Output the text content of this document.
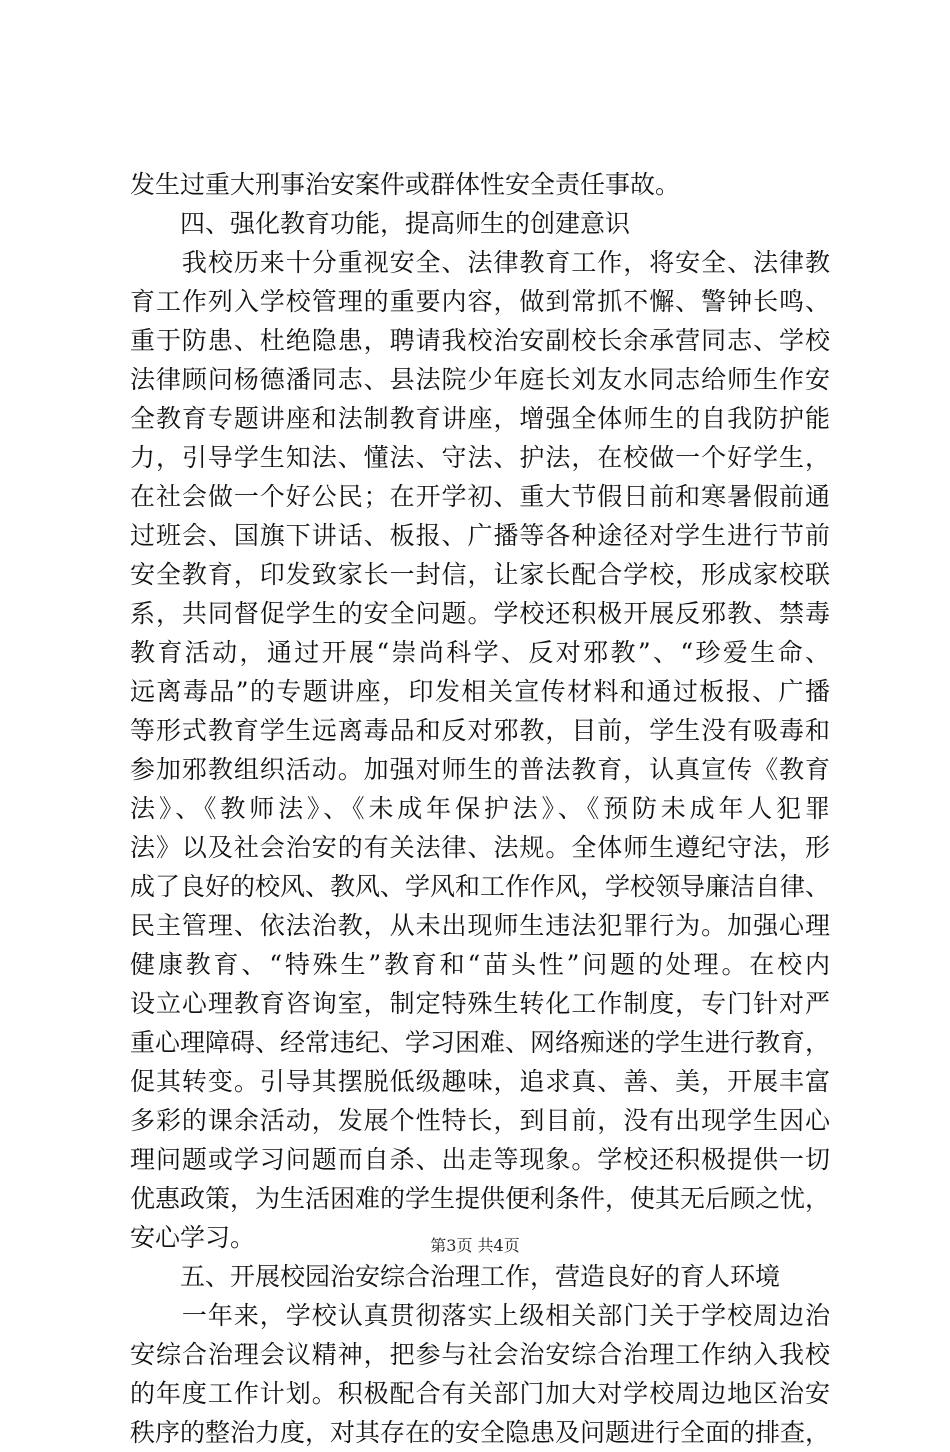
发生过重大刑事治安案件或群体性安全责任事故。
　　四、强化教育功能，提高师生的创建意识
　　我校历来十分重视安全、法律教育工作，将安全、法律教
育工作列入学校管理的重要内容，做到常抓不懈、警钟长鸣、
重于防患、杜绝隐患，聘请我校治安副校长余承营同志、学校
法律顾问杨德潘同志、县法院少年庭长刘友水同志给师生作安
全教育专题讲座和法制教育讲座，增强全体师生的自我防护能
力，引导学生知法、懂法、守法、护法，在校做一个好学生，
在社会做一个好公民；在开学初、重大节假日前和寒暑假前通
过班会、国旗下讲话、板报、广播等各种途径对学生进行节前
安全教育，印发致家长一封信，让家长配合学校，形成家校联
系，共同督促学生的安全问题。学校还积极开展反邪教、禁毒
教育活动，通过开展“崇尚科学、反对邪教”、“珍爱生命、
远离毒品”的专题讲座，印发相关宣传材料和通过板报、广播
等形式教育学生远离毒品和反对邪教，目前，学生没有吸毒和
参加邪教组织活动。加强对师生的普法教育，认真宣传《教育
法》、《教师法》、《未成年保护法》、《预防未成年人犯罪
法》以及社会治安的有关法律、法规。全体师生遵纪守法，形
成了良好的校风、教风、学风和工作作风，学校领导廉洁自律、
民主管理、依法治教，从未出现师生违法犯罪行为。加强心理
健康教育、“特殊生”教育和“苗头性”问题的处理。在校内
设立心理教育咨询室，制定特殊生转化工作制度，专门针对严
重心理障碍、经常违纪、学习困难、网络痴迷的学生进行教育，
促其转变。引导其摆脱低级趣味，追求真、善、美，开展丰富
多彩的课余活动，发展个性特长，到目前，没有出现学生因心
理问题或学习问题而自杀、出走等现象。学校还积极提供一切
优惠政策，为生活困难的学生提供便利条件，使其无后顾之忧，
安心学习。
　　五、开展校园治安综合治理工作，营造良好的育人环境
　　一年来，学校认真贯彻落实上级相关部门关于学校周边治
安综合治理会议精神，把参与社会治安综合治理工作纳入我校
的年度工作计划。积极配合有关部门加大对学校周边地区治安
秩序的整治力度，对其存在的安全隐患及问题进行全面的排查，
第3页 共4页
